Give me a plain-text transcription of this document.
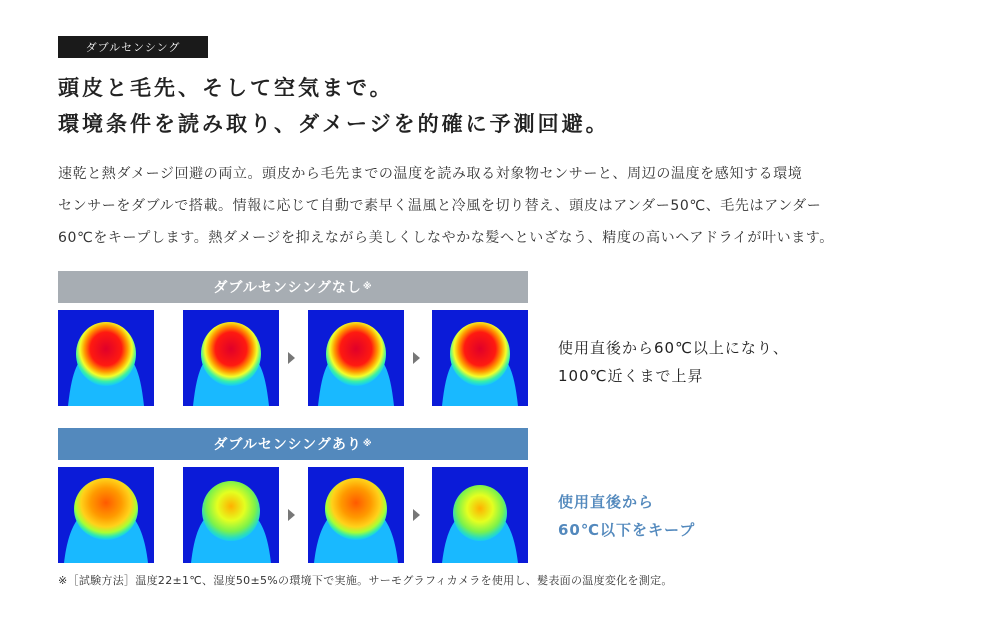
ダブルセンシング
頭皮と毛先、そして空気まで。
環境条件を読み取り、ダメージを的確に予測回避。
速乾と熱ダメージ回避の両立。頭皮から毛先までの温度を読み取る対象物センサーと、周辺の温度を感知する環境
センサーをダブルで搭載。情報に応じて自動で素早く温風と冷風を切り替え、頭皮はアンダー50℃、毛先はアンダー
60℃をキープします。熱ダメージを抑えながら美しくしなやかな髪へといざなう、精度の高いヘアドライが叶います。
ダブルセンシングなし ※
使用直後から60℃以上になり、
100℃近くまで上昇
ダブルセンシングあり ※
使用直後から
60℃以下をキープ
※［試験方法］温度22±1℃、湿度50±5%の環境下で実施。サーモグラフィカメラを使用し、髪表面の温度変化を測定。
